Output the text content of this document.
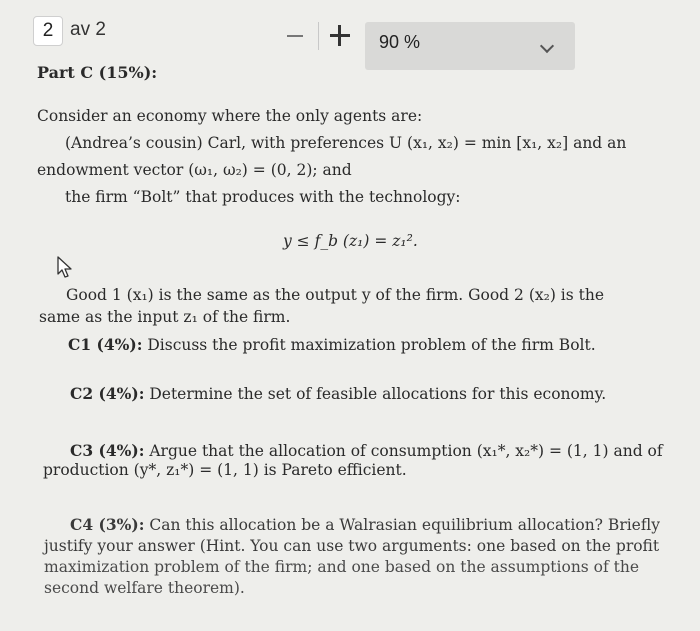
Part C (15%):
Consider an economy where the only agents are:
(Andrea’s cousin) Carl, with preferences U (x₁, x₂) = min [x₁, x₂] and an
endowment vector (ω₁, ω₂) = (0, 2); and
the firm “Bolt” that produces with the technology:
y ≤ f_b (z₁) = z₁².
Good 1 (x₁) is the same as the output y of the firm. Good 2 (x₂) is the
same as the input z₁ of the firm.
C1 (4%): Discuss the profit maximization problem of the firm Bolt.
C2 (4%): Determine the set of feasible allocations for this economy.
C3 (4%): Argue that the allocation of consumption (x₁*, x₂*) = (1, 1) and of
production (y*, z₁*) = (1, 1) is Pareto efficient.
C4 (3%): Can this allocation be a Walrasian equilibrium allocation? Briefly
justify your answer (Hint. You can use two arguments: one based on the profit
maximization problem of the firm; and one based on the assumptions of the
second welfare theorem).
2 av 2
90 %
